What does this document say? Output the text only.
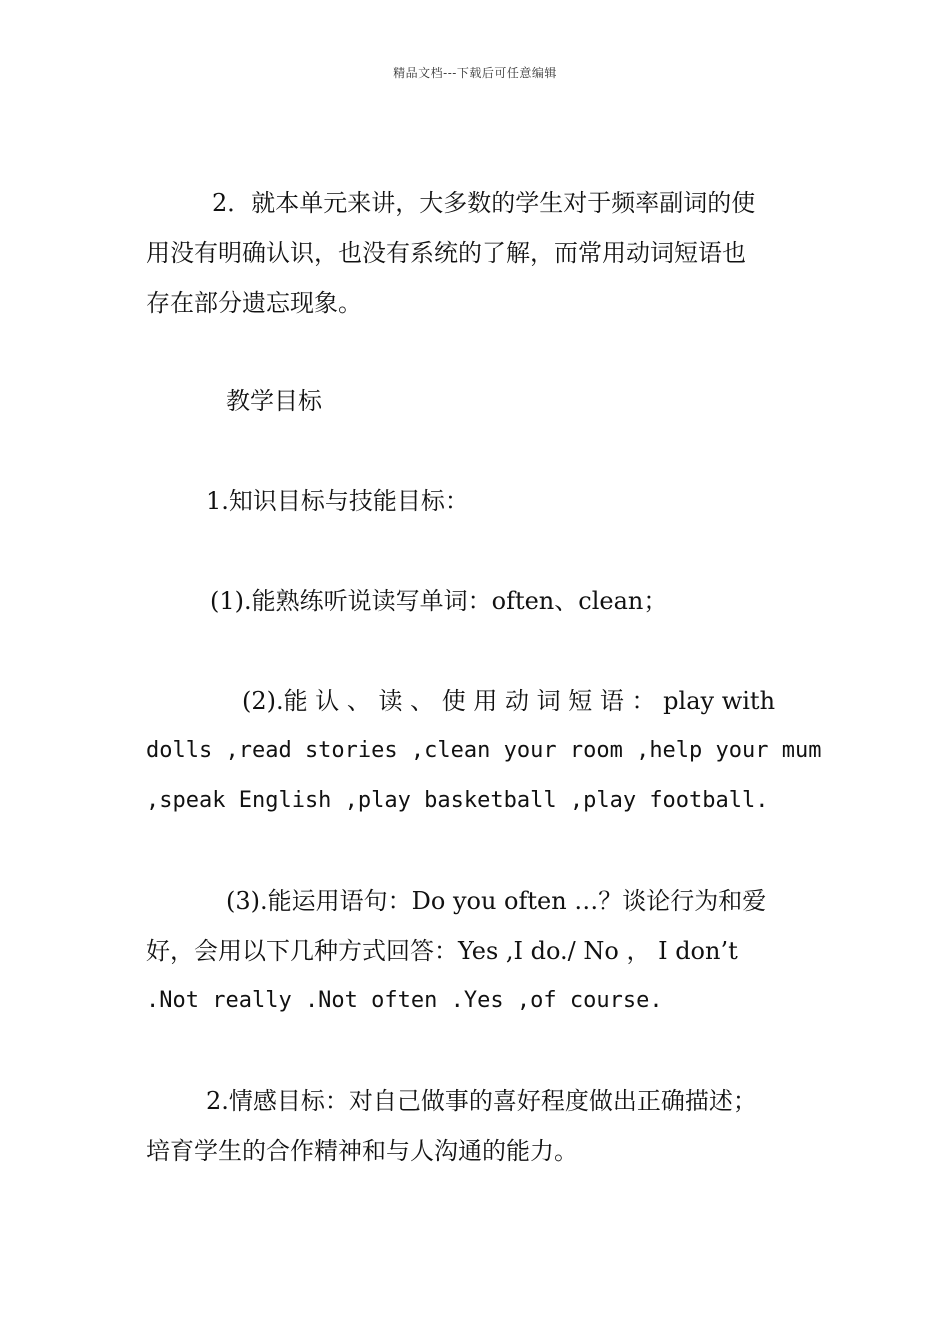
精品文档---下载后可任意编辑
2．就本单元来讲，大多数的学生对于频率副词的使
用没有明确认识，也没有系统的了解，而常用动词短语也
存在部分遗忘现象。
教学目标
1.知识目标与技能目标：
(1).能熟练听说读写单词：often、clean；
(2).能 认 、 读 、 使 用 动 词 短 语 ： play with
dolls ,read stories ,clean your room ,help your mum
,speak English ,play basketball ,play football.
(3).能运用语句：Do you often …？谈论行为和爱
好，会用以下几种方式回答：Yes ,I do./ No ， I don’t
.Not really .Not often .Yes ,of course.
2.情感目标：对自己做事的喜好程度做出正确描述；
培育学生的合作精神和与人沟通的能力。
